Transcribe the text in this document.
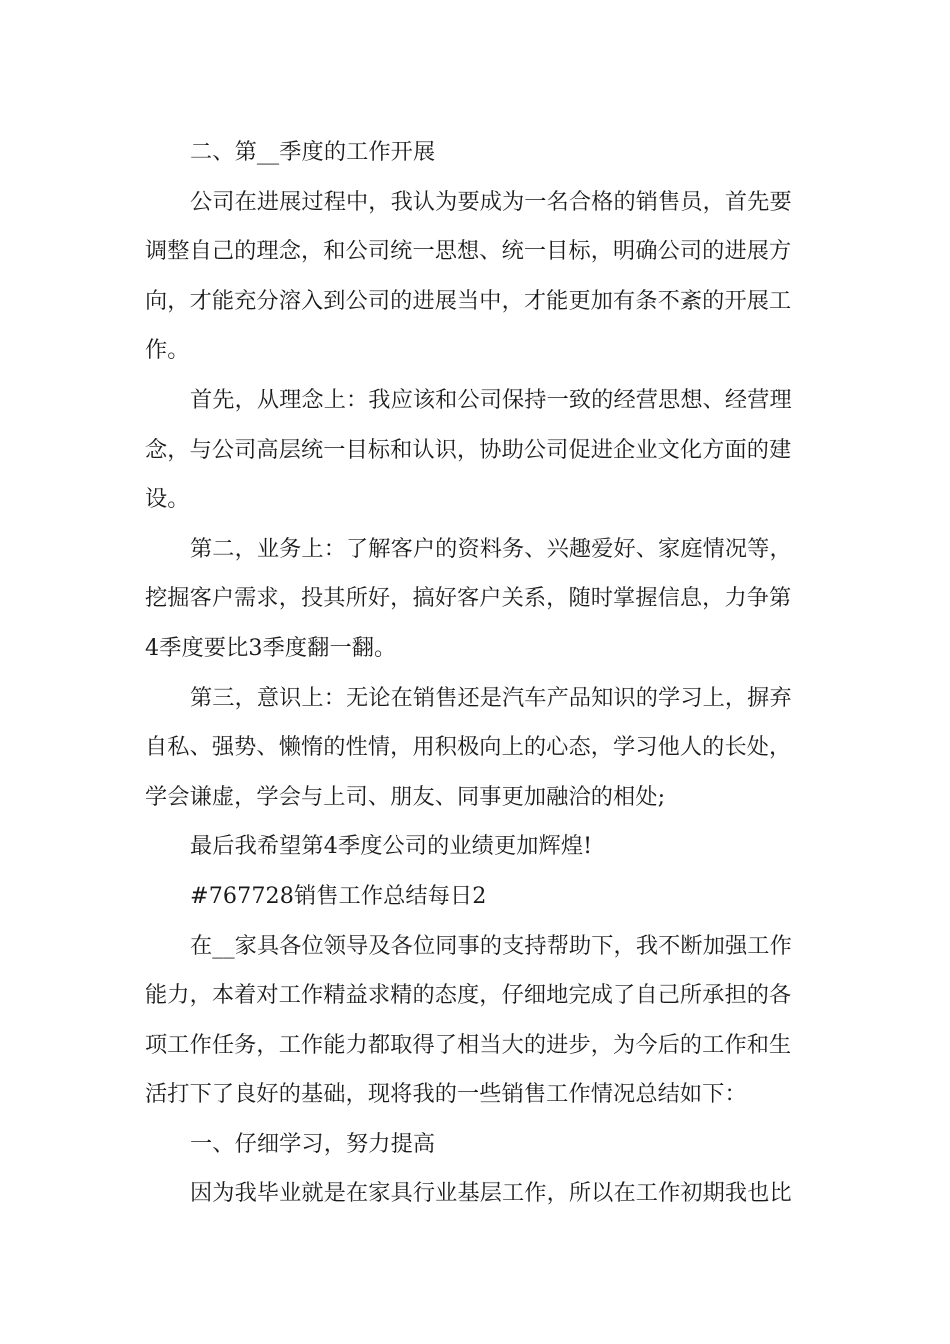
二、第__季度的工作开展
公司在进展过程中，我认为要成为一名合格的销售员，首先要
调整自己的理念，和公司统一思想、统一目标，明确公司的进展方
向，才能充分溶入到公司的进展当中，才能更加有条不紊的开展工
作。
首先，从理念上：我应该和公司保持一致的经营思想、经营理
念，与公司高层统一目标和认识，协助公司促进企业文化方面的建
设。
第二，业务上：了解客户的资料务、兴趣爱好、家庭情况等，
挖掘客户需求，投其所好，搞好客户关系，随时掌握信息，力争第
4季度要比3季度翻一翻。
第三，意识上：无论在销售还是汽车产品知识的学习上，摒弃
自私、强势、懒惰的性情，用积极向上的心态，学习他人的长处，
学会谦虚，学会与上司、朋友、同事更加融洽的相处;
最后我希望第4季度公司的业绩更加辉煌!
#767728销售工作总结每日2
在__家具各位领导及各位同事的支持帮助下，我不断加强工作
能力，本着对工作精益求精的态度，仔细地完成了自己所承担的各
项工作任务，工作能力都取得了相当大的进步，为今后的工作和生
活打下了良好的基础，现将我的一些销售工作情况总结如下：
一、仔细学习，努力提高
因为我毕业就是在家具行业基层工作，所以在工作初期我也比
